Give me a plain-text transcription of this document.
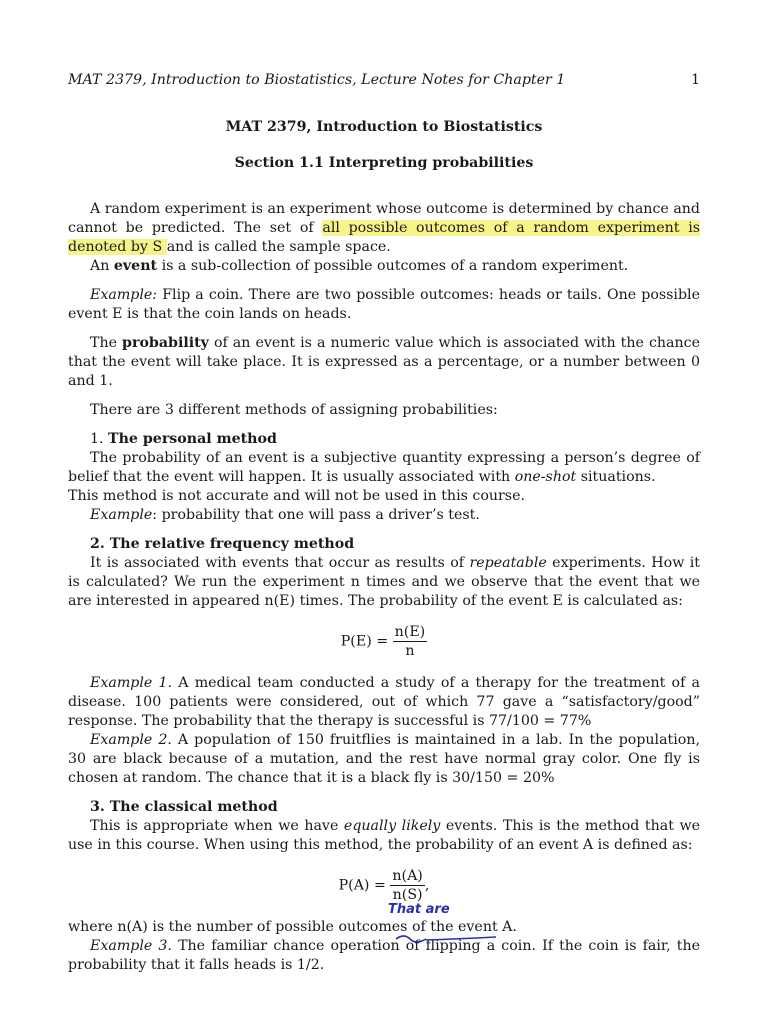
MAT 2379, Introduction to Biostatistics, Lecture Notes for Chapter 1	1
MAT 2379, Introduction to Biostatistics
Section 1.1 Interpreting probabilities

A random experiment is an experiment whose outcome is determined by chance and cannot be predicted. The set of all possible outcomes of a random experiment is denoted by S and is called the sample space.

An event is a sub-collection of possible outcomes of a random experiment.

Example: Flip a coin. There are two possible outcomes: heads or tails. One possible event E is that the coin lands on heads.

The probability of an event is a numeric value which is associated with the chance that the event will take place. It is expressed as a percentage, or a number between 0 and 1.

There are 3 different methods of assigning probabilities:

1. The personal method

The probability of an event is a subjective quantity expressing a person’s degree of belief that the event will happen. It is usually associated with one-shot situations.

This method is not accurate and will not be used in this course.

Example: probability that one will pass a driver’s test.

2. The relative frequency method

It is associated with events that occur as results of repeatable experiments. How it is calculated? We run the experiment n times and we observe that the event that we are interested in appeared n(E) times. The probability of the event E is calculated as:

$P(E) = \frac{n(E)}{n}$

Example 1. A medical team conducted a study of a therapy for the treatment of a disease. 100 patients were considered, out of which 77 gave a “satisfactory/good” response. The probability that the therapy is successful is 77/100 = 77%

Example 2. A population of 150 fruitflies is maintained in a lab. In the population, 30 are black because of a mutation, and the rest have normal gray color. One fly is chosen at random. The chance that it is a black fly is 30/150 = 20%

3. The classical method

This is appropriate when we have equally likely events. This is the method that we use in this course. When using this method, the probability of an event A is defined as:

$P(A) = \frac{n(A)}{n(S)}$ ,

where n(A) is the number of possible outcome
That are
s of the event A.

Example 3. The familiar chance operation of flipping a coin. If the coin is fair, the probability that it falls heads is 1/2.
